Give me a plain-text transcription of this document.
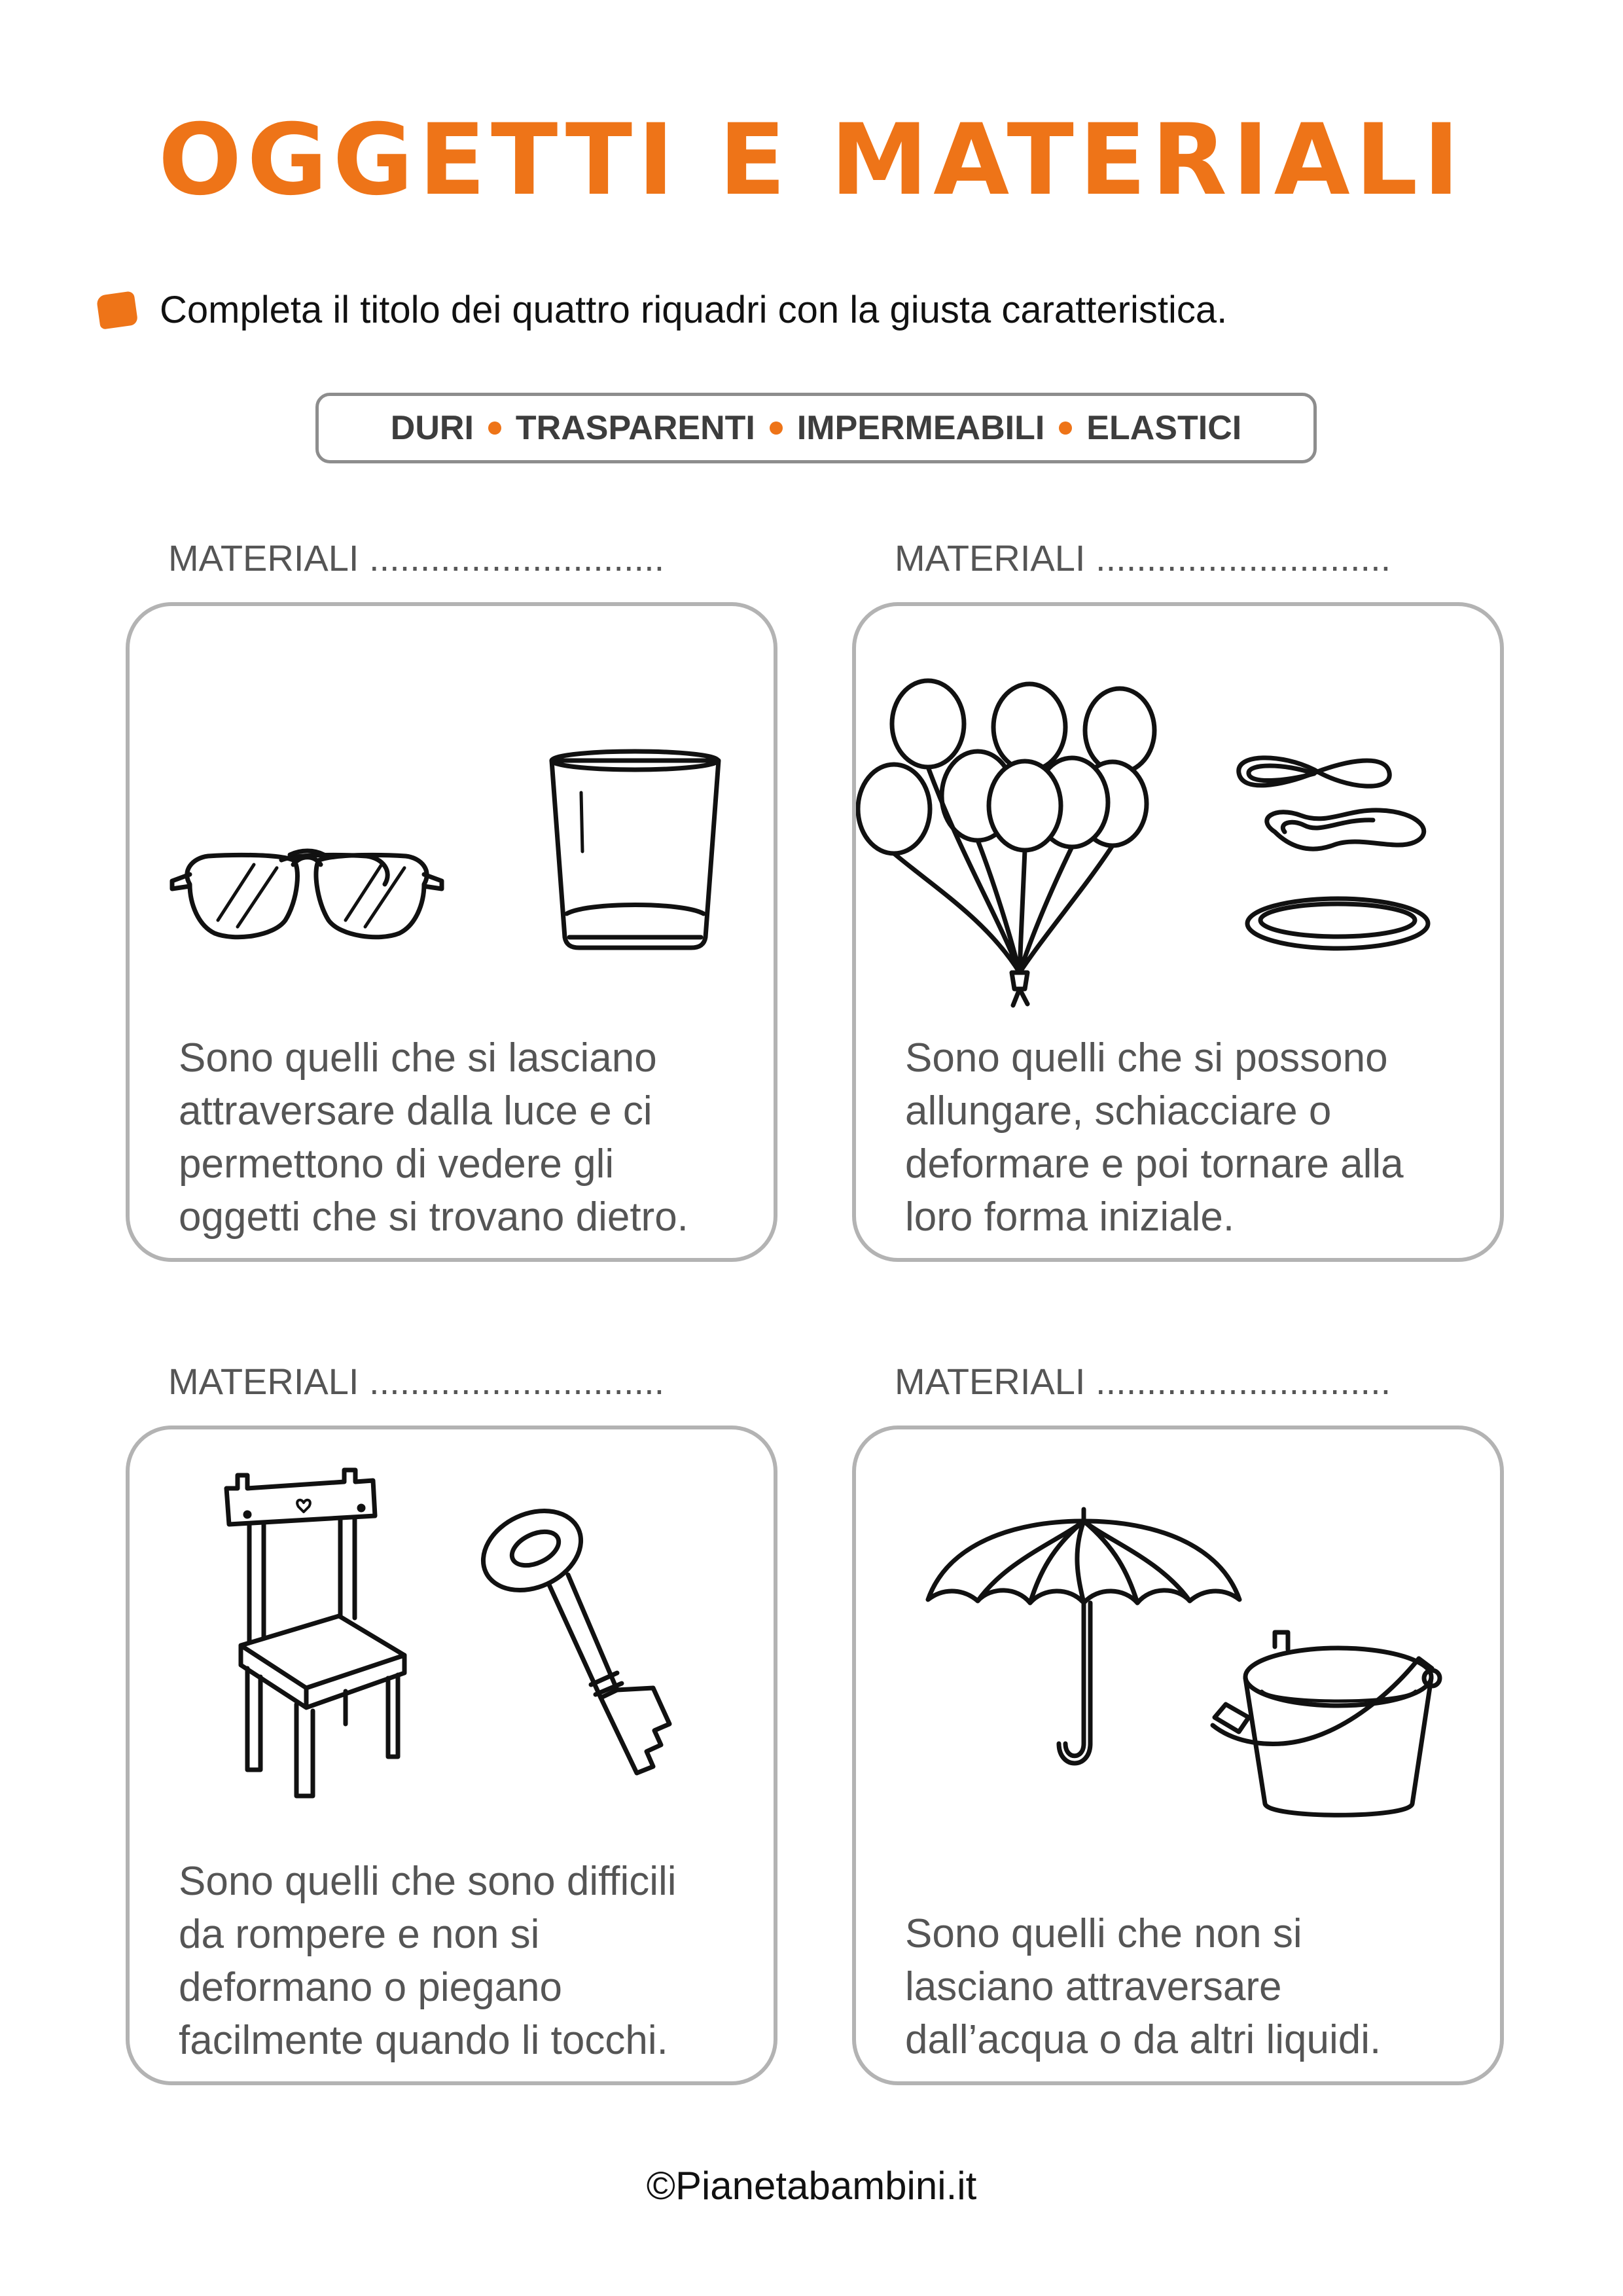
OGGETTI E MATERIALI
Completa il titolo dei quattro riquadri con la giusta caratteristica.
DURI TRASPARENTI IMPERMEABILI ELASTICI
MATERIALI .............................
Sono quelli che si lasciano
attraversare dalla luce e ci
permettono di vedere gli
oggetti che si trovano dietro.
MATERIALI .............................
Sono quelli che si possono
allungare, schiacciare o
deformare e poi tornare alla
loro forma iniziale.
MATERIALI .............................
Sono quelli che sono difficili
da rompere e non si
deformano o piegano
facilmente quando li tocchi.
MATERIALI .............................
Sono quelli che non si
lasciano attraversare
dall’acqua o da altri liquidi.
©Pianetabambini.it
